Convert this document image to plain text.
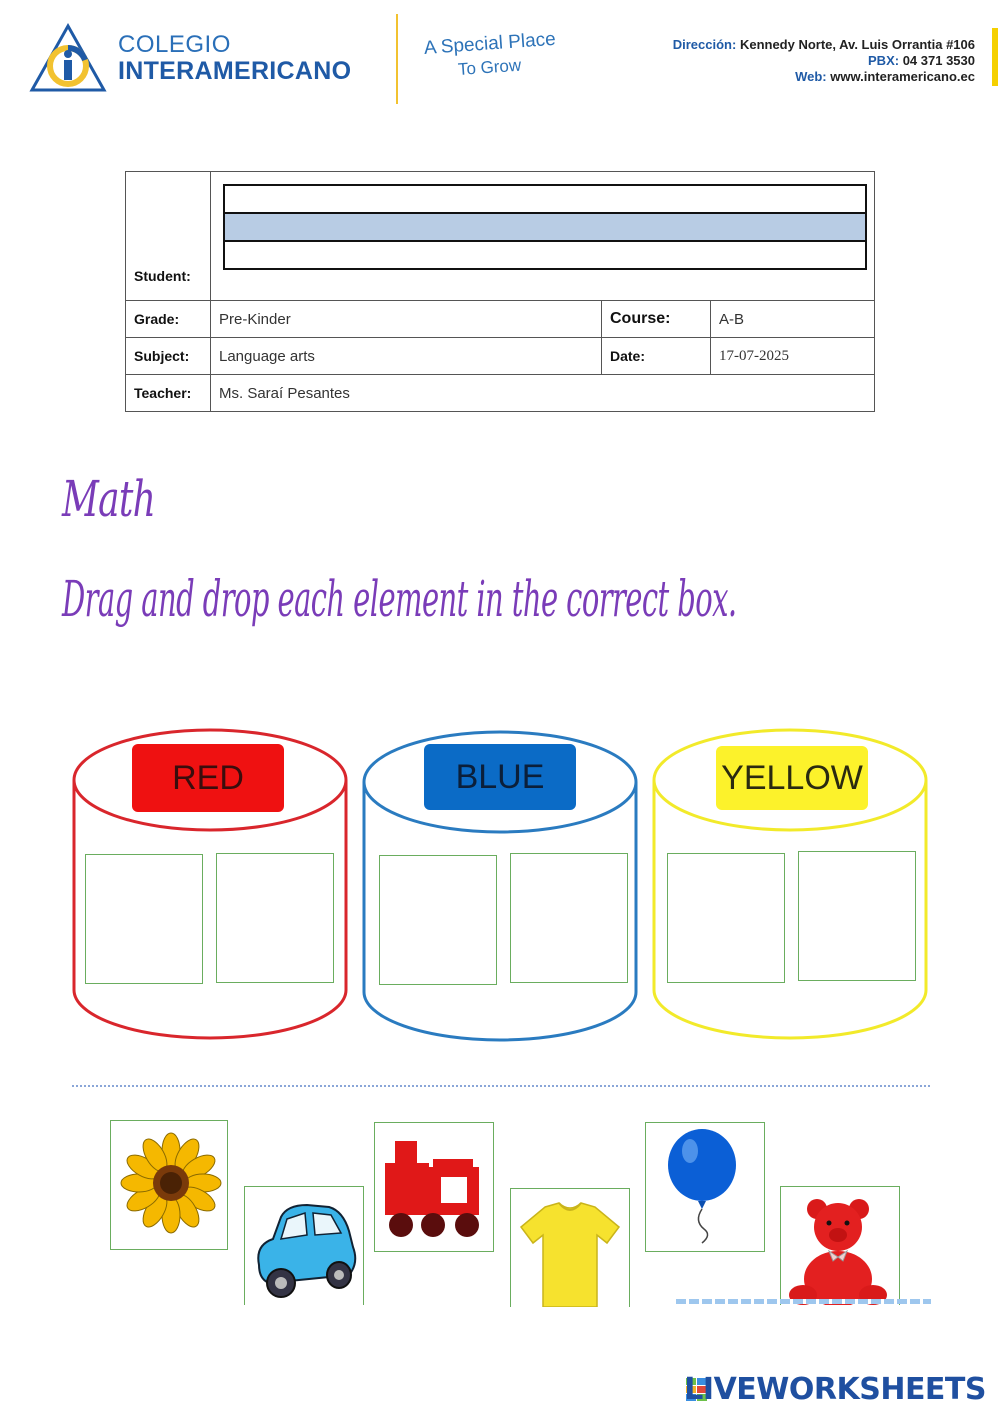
COLEGIO
INTERAMERICANO
A Special Place
To Grow
Dirección: Kennedy Norte, Av. Luis Orrantia #106
PBX: 04 371 3530
Web: www.interamericano.ec
Student:			

Grade:	Pre-Kinder	Course:	A-B
Subject:	Language arts	Date:	17-07-2025
Teacher:	Ms. Saraí Pesantes		
Math
Drag and drop each element in the correct box.
RED	BLUE	YELLOW
LIVEWORKSHEETS
